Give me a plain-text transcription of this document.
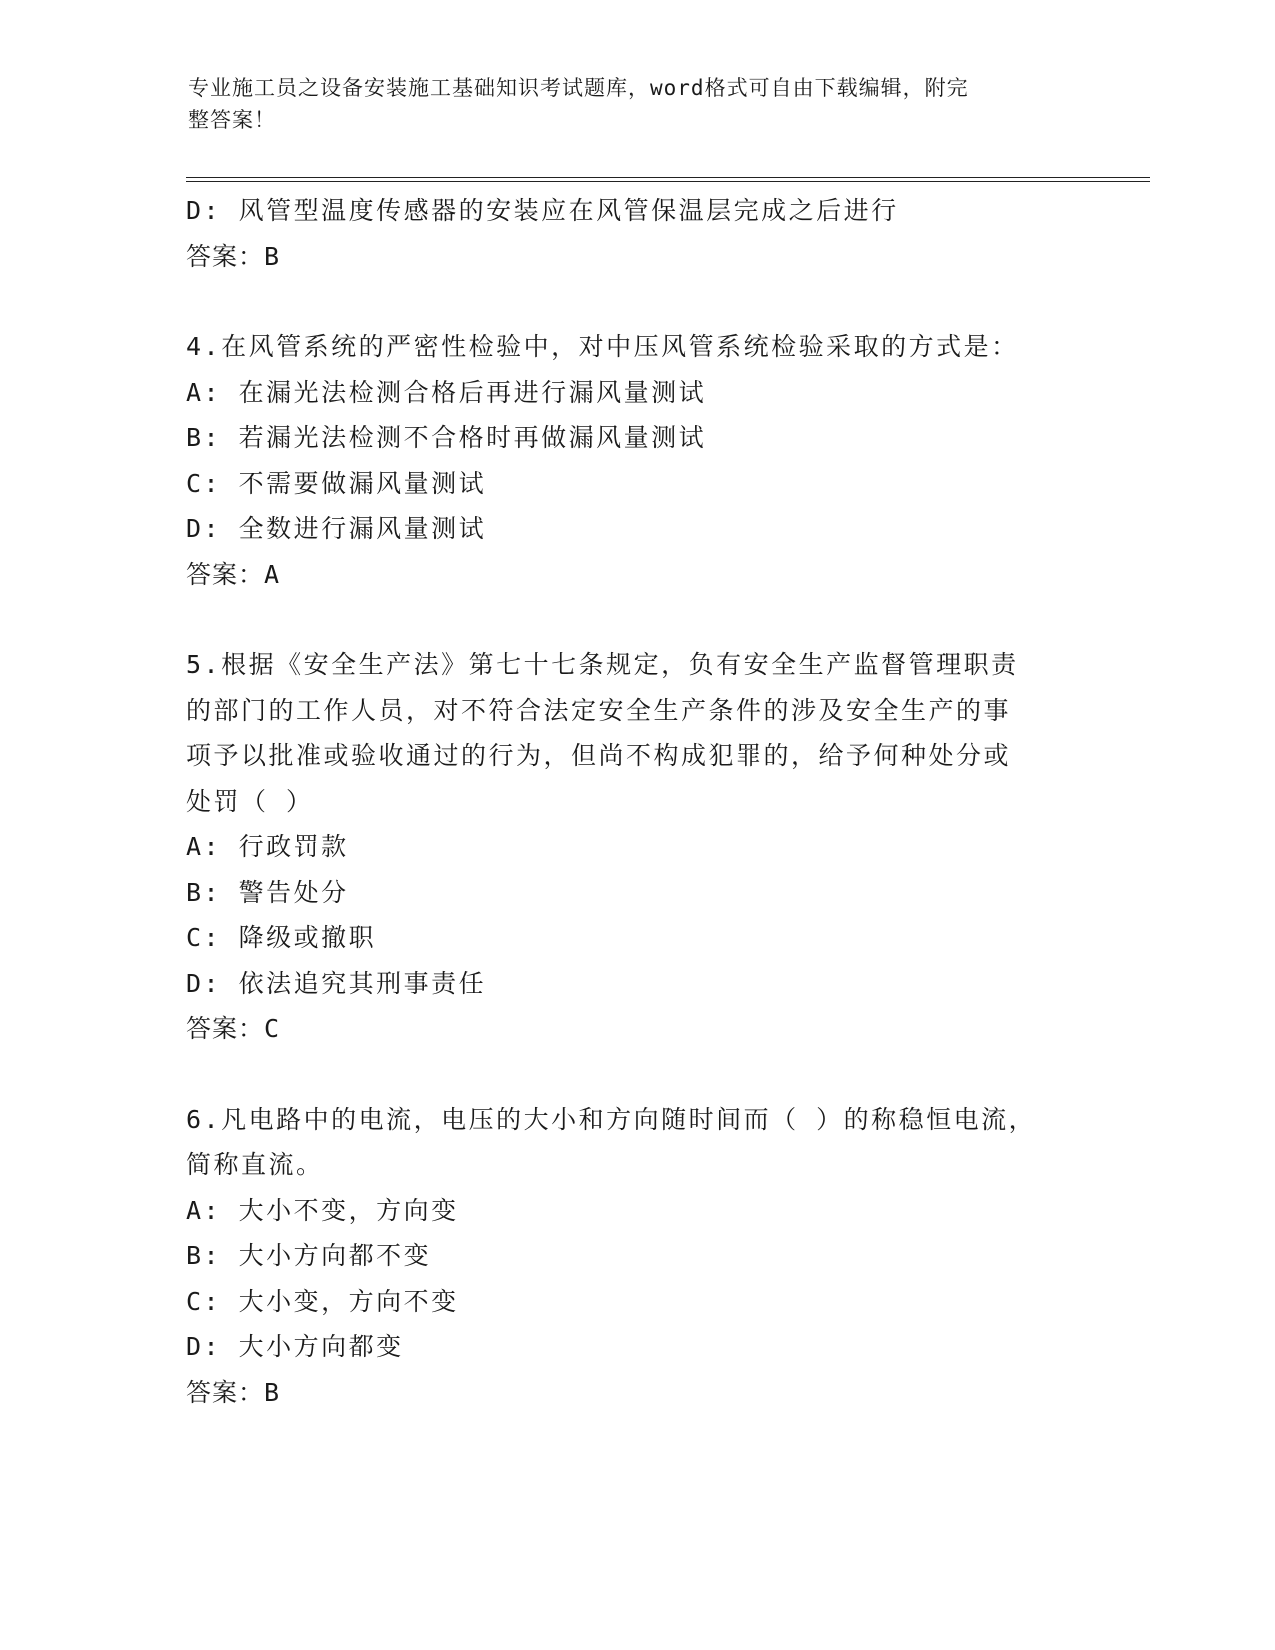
专业施工员之设备安装施工基础知识考试题库，word格式可自由下载编辑，附完
整答案！
D: 风管型温度传感器的安装应在风管保温层完成之后进行
答案：B
4.在风管系统的严密性检验中，对中压风管系统检验采取的方式是：
A: 在漏光法检测合格后再进行漏风量测试
B: 若漏光法检测不合格时再做漏风量测试
C: 不需要做漏风量测试
D: 全数进行漏风量测试
答案：A
5.根据《安全生产法》第七十七条规定，负有安全生产监督管理职责
的部门的工作人员，对不符合法定安全生产条件的涉及安全生产的事
项予以批准或验收通过的行为，但尚不构成犯罪的，给予何种处分或
处罚（ ）
A: 行政罚款
B: 警告处分
C: 降级或撤职
D: 依法追究其刑事责任
答案：C
6.凡电路中的电流，电压的大小和方向随时间而（ ）的称稳恒电流，
简称直流。
A: 大小不变，方向变
B: 大小方向都不变
C: 大小变，方向不变
D: 大小方向都变
答案：B
